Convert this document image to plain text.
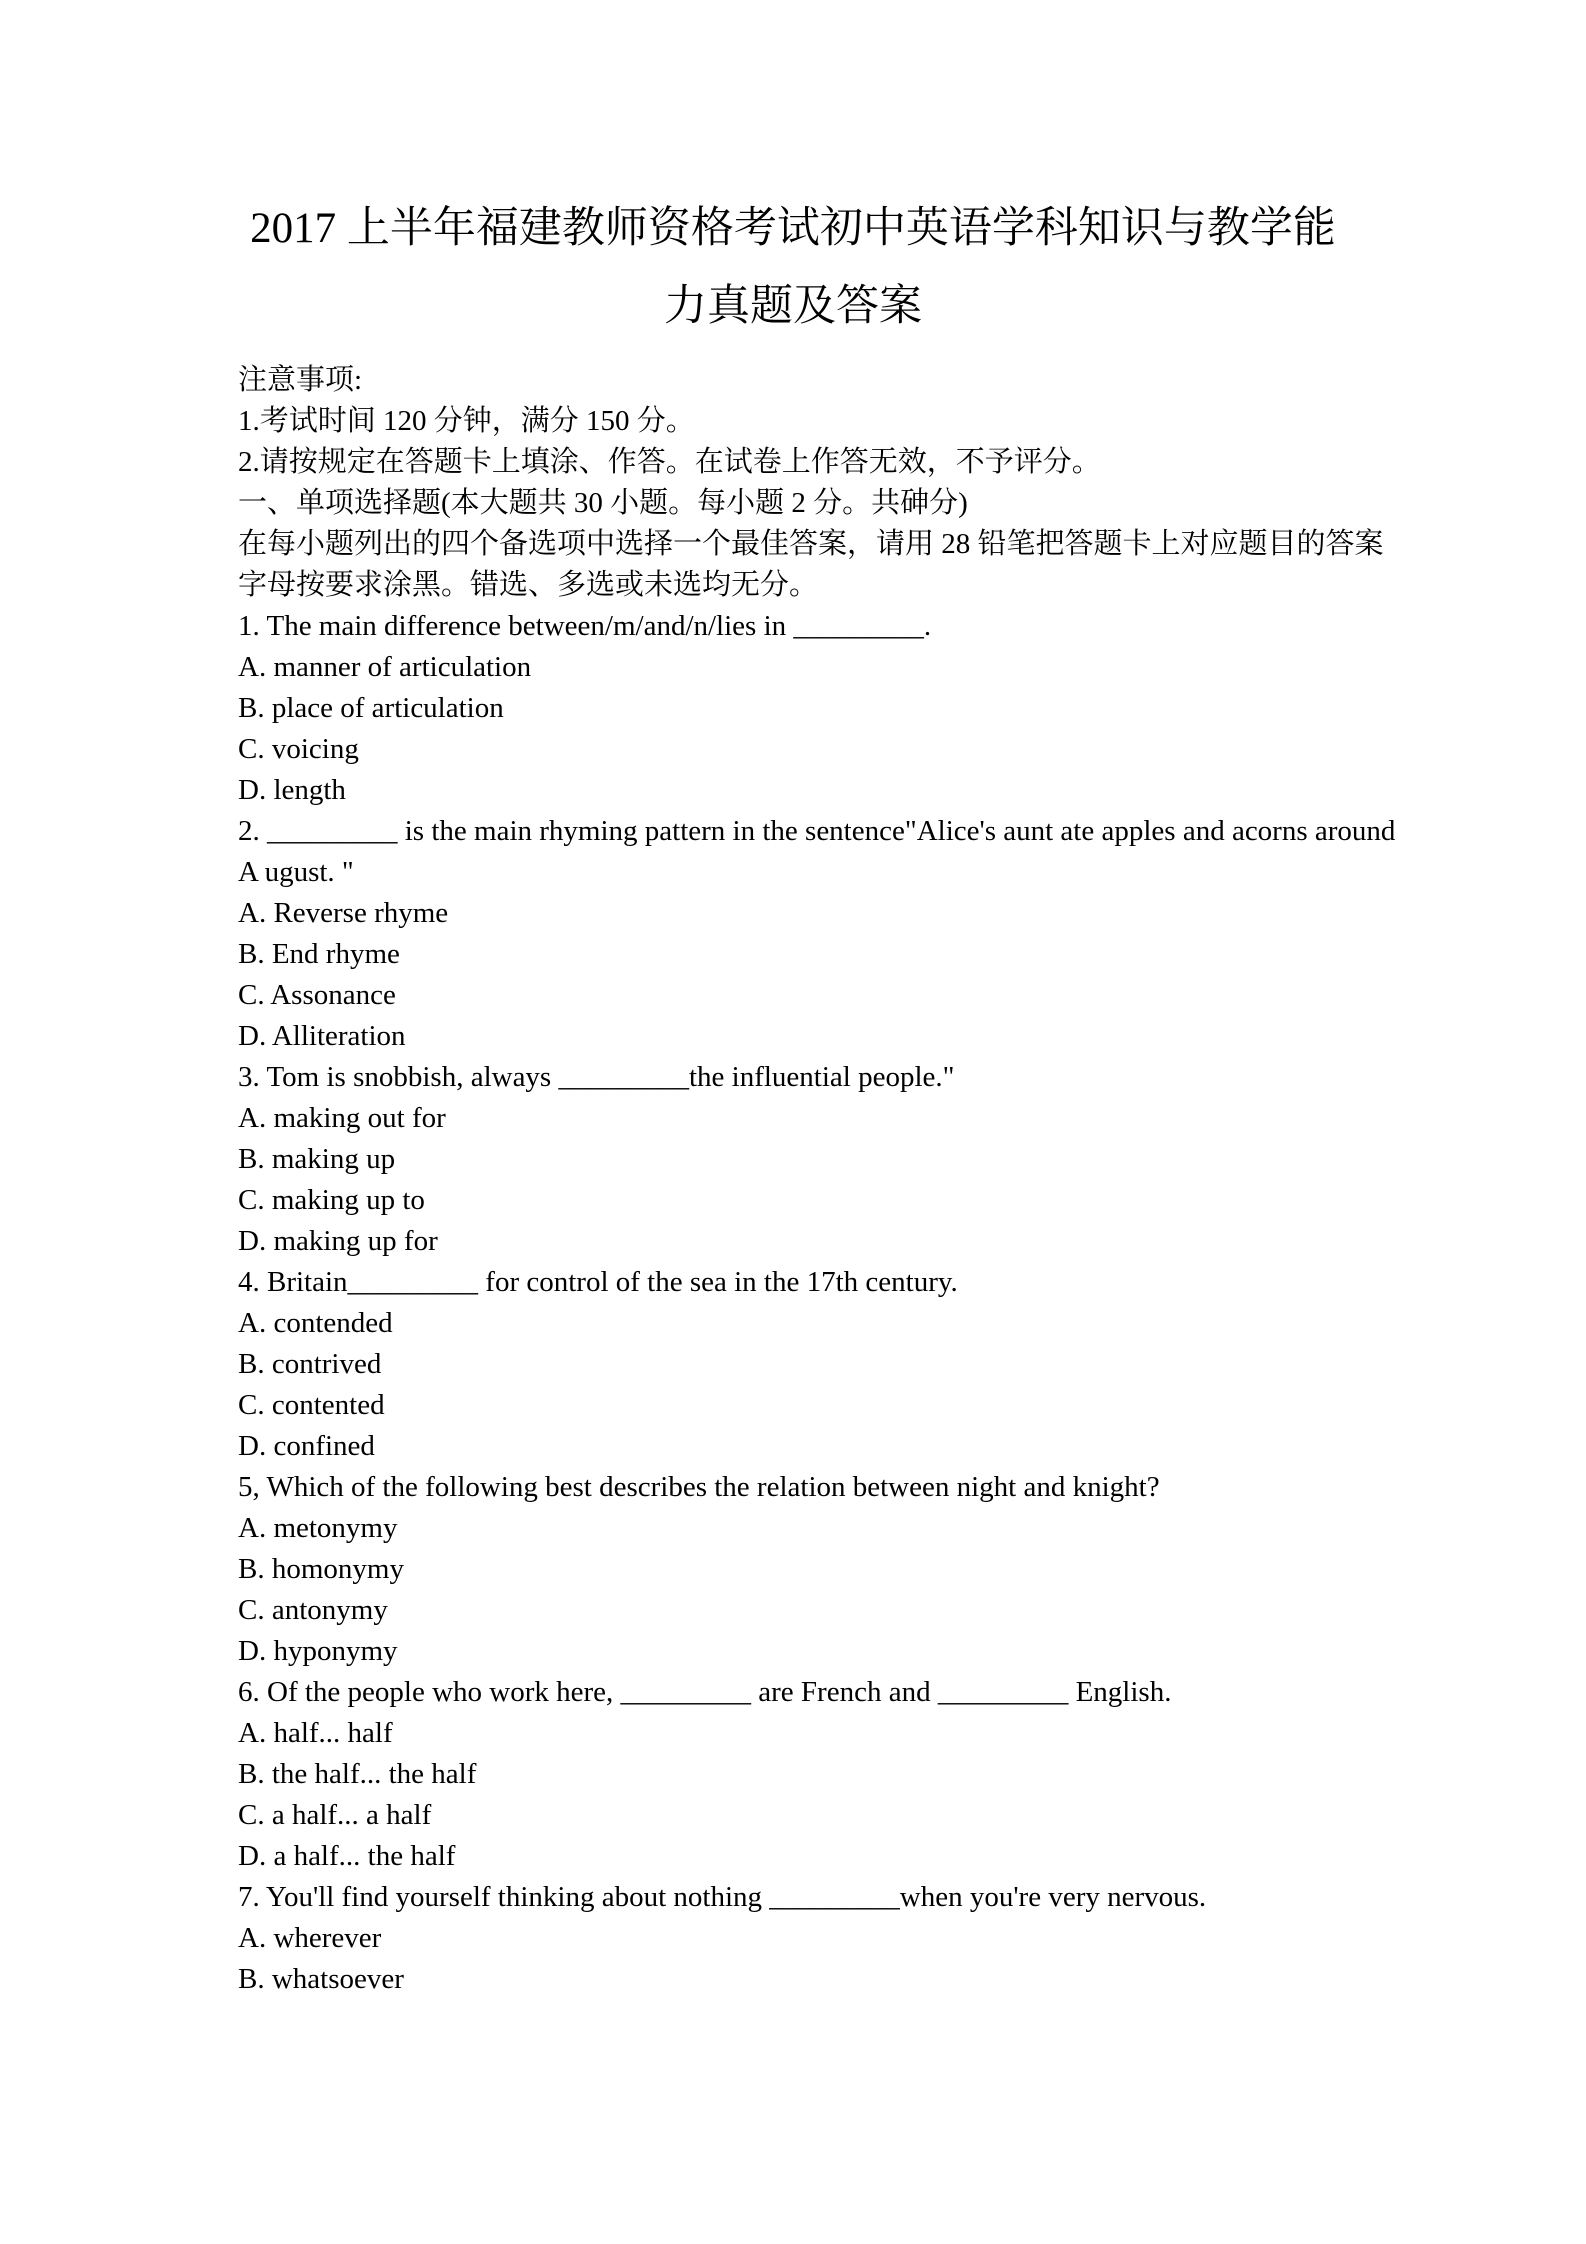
2017 上半年福建教师资格考试初中英语学科知识与教学能
力真题及答案
注意事项:
1.考试时间 120 分钟，满分 150 分。
2.请按规定在答题卡上填涂、作答。在试卷上作答无效，不予评分。
一、单项选择题(本大题共 30 小题。每小题 2 分。共砷分)
在每小题列出的四个备选项中选择一个最佳答案，请用 28 铅笔把答题卡上对应题目的答案
字母按要求涂黑。错选、多选或未选均无分。
1. The main difference between/m/and/n/lies in _________.
A. manner of articulation
B. place of articulation
C. voicing
D. length
2. _________ is the main rhyming pattern in the sentence"Alice's aunt ate apples and acorns around
A ugust. "
A. Reverse rhyme
B. End rhyme
C. Assonance
D. Alliteration
3. Tom is snobbish, always _________the influential people."
A. making out for
B. making up
C. making up to
D. making up for
4. Britain_________ for control of the sea in the 17th century.
A. contended
B. contrived
C. contented
D. confined
5, Which of the following best describes the relation between night and knight?
A. metonymy
B. homonymy
C. antonymy
D. hyponymy
6. Of the people who work here, _________ are French and _________ English.
A. half... half
B. the half... the half
C. a half... a half
D. a half... the half
7. You'll find yourself thinking about nothing _________when you're very nervous.
A. wherever
B. whatsoever
